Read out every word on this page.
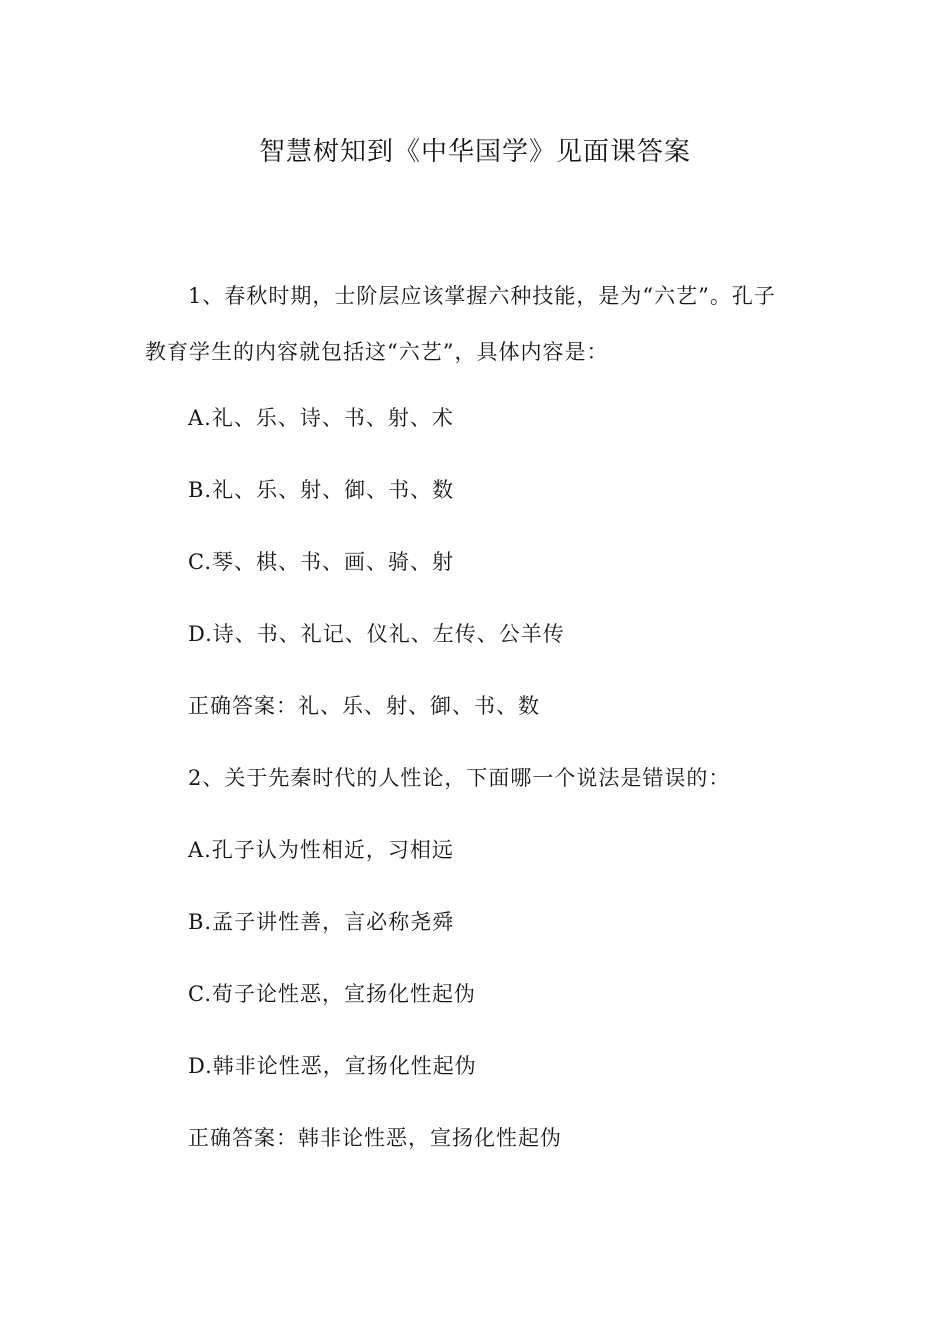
智慧树知到《中华国学》见面课答案
1、春秋时期，士阶层应该掌握六种技能，是为“六艺”。孔子
教育学生的内容就包括这“六艺”，具体内容是：
A.礼、乐、诗、书、射、术
B.礼、乐、射、御、书、数
C.琴、棋、书、画、骑、射
D.诗、书、礼记、仪礼、左传、公羊传
正确答案：礼、乐、射、御、书、数
2、关于先秦时代的人性论，下面哪一个说法是错误的：
A.孔子认为性相近，习相远
B.孟子讲性善，言必称尧舜
C.荀子论性恶，宣扬化性起伪
D.韩非论性恶，宣扬化性起伪
正确答案：韩非论性恶，宣扬化性起伪
